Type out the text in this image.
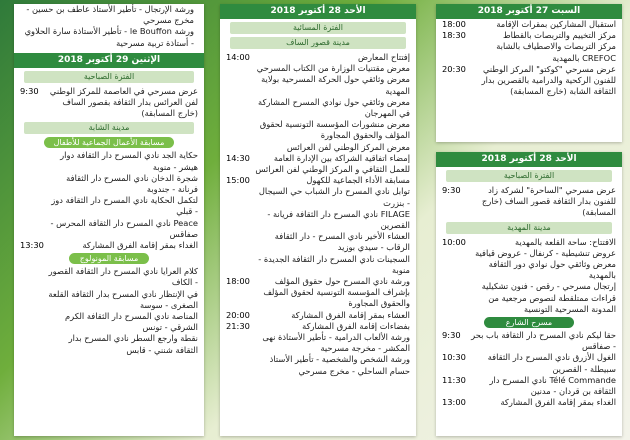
السبت 27 أكتوبر 2018
استقبال المشاركين بمقرات الإقامة
18:00
مركز التخييم والتربصات بالقطاط
18:30
مركز التربصات والاصطياف بالشابة
CREFOC بالمهدية
عرض مسرحي "كوكتو" المركز الوطني للفنون الركحية والدرامية بالقصرين بدار الثقافة الشابة (خارج المسابقة)
20:30
الأحد 28 أكتوبر 2018
الفترة الصباحية
عرض مسرحي "الساحرة" لشركة زاد للفنون بدار الثقافة قصور الساف (خارج المسابقة)
9:30
مدينة المهدية
الافتتاح: ساحة القلعة بالمهدية
10:00
عروض تنشيطية - كرنفال - عروض قيافية
معرض وثائقي حول نوادي دور الثقافة بالمهدية
إرتجال مسرحي - رقص - فنون تشكيلية
قراءات ممتلقطة لنصوص مرجعية من المدونة المسرحية التونسية
مسرح الشارع
حقا ليكم نادي المسرح دار الثقافة باب بحر - صفاقس
9:30
الغول الأزرق نادي المسرح دار الثقافة سبيطلة - القصرين
10:30
Télé Commande نادي المسرح دار الثقافة بن قردان - مدنين
11:30
الغداء بمقر إقامة الفرق المشاركة
13:00
الأحد 28 أكتوبر 2018
الفترة المسائية
مدينة قصور الساف
إفتتاح المعارض
14:00
معرض مقتنيات الوزارة من الكتاب المسرحي
معرض وثائقي حول الحركة المسرحية بولاية المهدية
معرض وثائقي حول نوادي المسرح المشاركة في المهرجان
معرض منشورات المؤسسة التونسية لحقوق المؤلف والحقوق المجاورة
معرض المركز الوطني لفن العرائس
إمضاء اتفاقية الشراكة بين الإدارة العامة للعمل الثقافي و المركز الوطني لفن العرائس
14:30
مسابقة الأداء الجماعية للكهول
15:00
توابل نادي المسرح دار الشباب حي السيجال - بنزرت
FILAGE نادي المسرح دار الثقافة فريانة - القصرين
العشاء الأخير نادي المسرح - دار الثقافة الرقاب - سيدي بوزيد
السجينات نادي المسرح دار الثقافة الجديدة - منوبة
ورشة نادي المسرح حول حقوق المؤلف بإشراف المؤسسة التونسية لحقوق المؤلف والحقوق المجاورة
18:00
العشاء بمقر إقامة الفرق المشاركة
20:00
بفضاءات إقامة الفرق المشاركة
21:30
ورشة الألعاب الدرامية - تأطير الأستاذة نهى المكشر - مخرجة مسرحية
ورشة الشخص والشخصية - تأطير الأستاذ حسام الساحلي - مخرج مسرحي
ورشة الإرتجال - تأطير الأستاذ عاطف بن حسين - مخرج مسرحي
ورشة le Bouffon - تأطير الأستاذة سارة الحلاوي - أستاذة تربية مسرحية
الإثنين 29 أكتوبر 2018
الفترة الصباحية
عرض مسرحي في العاصمة للمركز الوطني لفن العرائس بدار الثقافة بقصور الساف (خارج المسابقة)
9:30
مدينة الشابة
مسابقة الأعمال الجماعية للأطفال
حكاية الجد نادي المسرح دار الثقافة دوار هيشر - منوبة
شجرة الدخان نادي المسرح دار الثقافة فرنانة - جندوبة
لتكمل الحكاية نادي المسرح دار الثقافة دوز - قبلي
Peace نادي المسرح دار الثقافة المحرس - صفاقس
الغداء بمقر إقامة الفرق المشاركة
13:30
مسابقة المونولوج
كلام العرايا نادي المسرح دار الثقافة القصور - الكاف
في الإنتظار نادي المسرح بدار الثقافة القلعة الصغرى - سوسة
المناصة نادي المسرح دار الثقافة الكرم الشرقي - تونس
نقطة وارجع السطر نادي المسرح بدار الثقافة شنني - قابس
